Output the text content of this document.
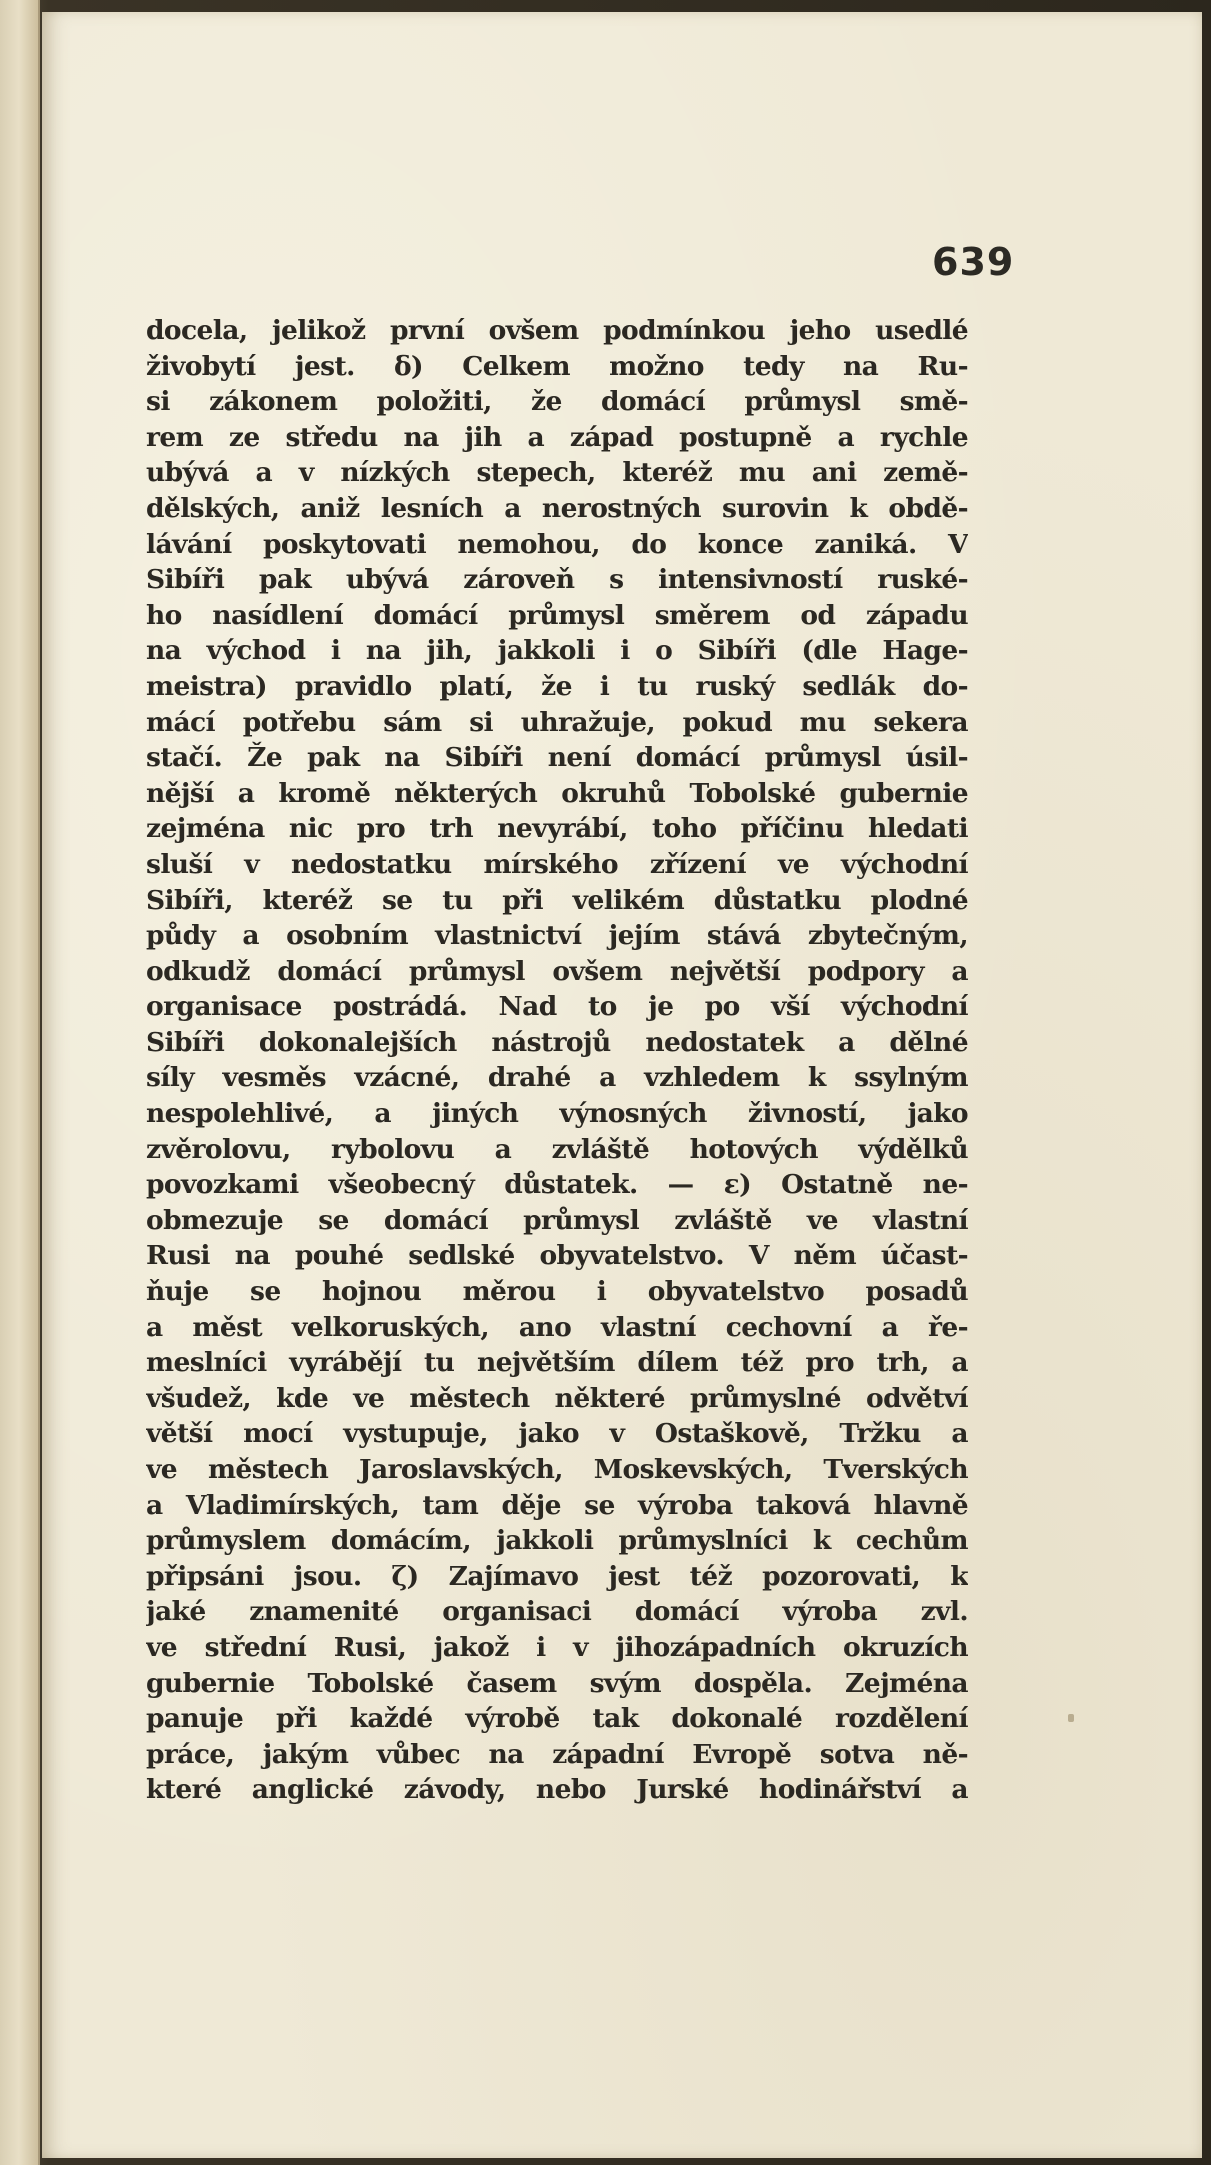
639
docela, jelikož první ovšem podmínkou jeho usedlé
živobytí jest. δ) Celkem možno tedy na Ru-
si zákonem položiti, že domácí průmysl smě-
rem ze středu na jih a západ postupně a rychle
ubývá a v nízkých stepech, kteréž mu ani země-
dělských, aniž lesních a nerostných surovin k obdě-
lávání poskytovati nemohou, do konce zaniká. V
Sibíři pak ubývá zároveň s intensivností ruské-
ho nasídlení domácí průmysl směrem od západu
na východ i na jih, jakkoli i o Sibíři (dle Hage-
meistra) pravidlo platí, že i tu ruský sedlák do-
mácí potřebu sám si uhražuje, pokud mu sekera
stačí. Že pak na Sibíři není domácí průmysl úsil-
nější a kromě některých okruhů Tobolské gubernie
zejména nic pro trh nevyrábí, toho příčinu hledati
sluší v nedostatku mírského zřízení ve východní
Sibíři, kteréž se tu při velikém důstatku plodné
půdy a osobním vlastnictví jejím stává zbytečným,
odkudž domácí průmysl ovšem největší podpory a
organisace postrádá. Nad to je po vší východní
Sibíři dokonalejších nástrojů nedostatek a dělné
síly vesměs vzácné, drahé a vzhledem k ssylným
nespolehlivé, a jiných výnosných živností, jako
zvěrolovu, rybolovu a zvláště hotových výdělků
povozkami všeobecný důstatek. — ε) Ostatně ne-
obmezuje se domácí průmysl zvláště ve vlastní
Rusi na pouhé sedlské obyvatelstvo. V něm účast-
ňuje se hojnou měrou i obyvatelstvo posadů
a měst velkoruských, ano vlastní cechovní a ře-
meslníci vyrábějí tu největším dílem též pro trh, a
všudež, kde ve městech některé průmyslné odvětví
větší mocí vystupuje, jako v Ostaškově, Tržku a
ve městech Jaroslavských, Moskevských, Tverských
a Vladimírských, tam děje se výroba taková hlavně
průmyslem domácím, jakkoli průmyslníci k cechům
připsáni jsou. ζ) Zajímavo jest též pozorovati, k
jaké znamenité organisaci domácí výroba zvl.
ve střední Rusi, jakož i v jihozápadních okruzích
gubernie Tobolské časem svým dospěla. Zejména
panuje při každé výrobě tak dokonalé rozdělení
práce, jakým vůbec na západní Evropě sotva ně-
které anglické závody, nebo Jurské hodinářství a
